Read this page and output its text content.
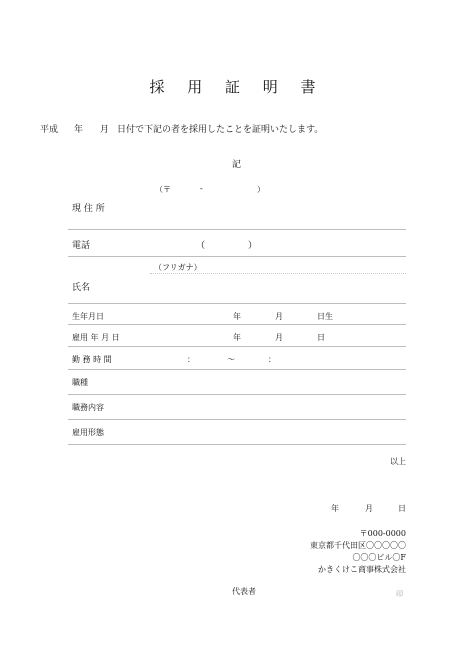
採 用 証 明 書
平成 年 月 日付で下記の者を採用したことを証明いたします。
記
（〒	-	）
現 住 所
電話	（	）
（フリガナ）
氏名
生年月日	年	月	日生
雇用 年 月 日	年	月	日
勤 務 時 間	：	〜	：
職種
職務内容
雇用形態
以上
年	月	日
〒000-0000
東京都千代田区〇〇〇〇〇
〇〇〇ビル〇F
かきくけこ商事株式会社
代表者	印
